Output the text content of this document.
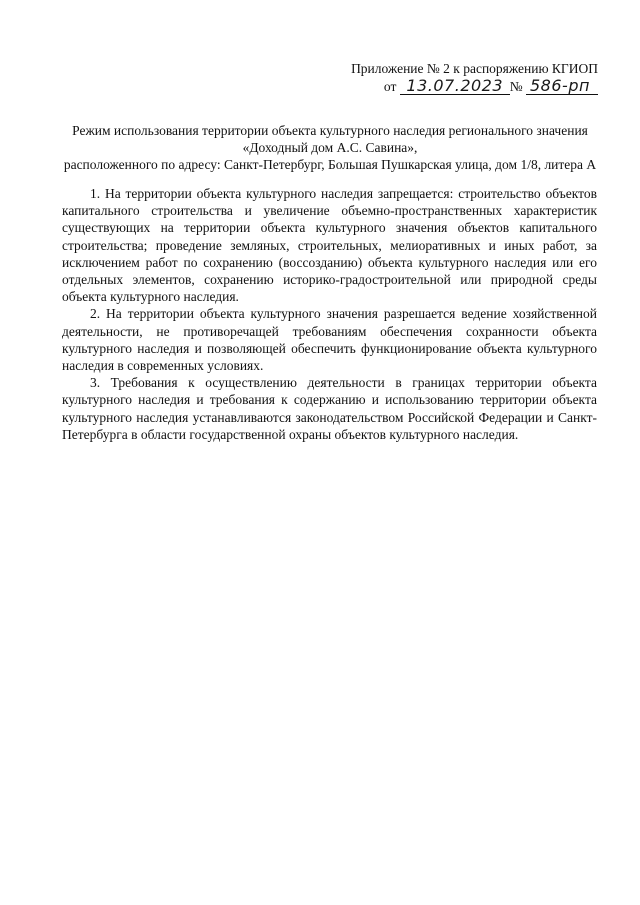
Приложение № 2 к распоряжению КГИОП
от 13.07.2023 № 586-рп
Режим использования территории объекта культурного наследия регионального значения
«Доходный дом А.С. Савина»,
расположенного по адресу: Санкт-Петербург, Большая Пушкарская улица, дом 1/8, литера А

1. На территории объекта культурного наследия запрещается: строительство объектов капитального строительства и увеличение объемно-пространственных характеристик существующих на территории объекта культурного значения объектов капитального строительства; проведение земляных, строительных, мелиоративных и иных работ, за исключением работ по сохранению (воссозданию) объекта культурного наследия или его отдельных элементов, сохранению историко-градостроительной или природной среды объекта культурного наследия.

2. На территории объекта культурного значения разрешается ведение хозяйственной деятельности, не противоречащей требованиям обеспечения сохранности объекта культурного наследия и позволяющей обеспечить функционирование объекта культурного наследия в современных условиях.

3. Требования к осуществлению деятельности в границах территории объекта культурного наследия и требования к содержанию и использованию территории объекта культурного наследия устанавливаются законодательством Российской Федерации и Санкт-Петербурга в области государственной охраны объектов культурного наследия.
